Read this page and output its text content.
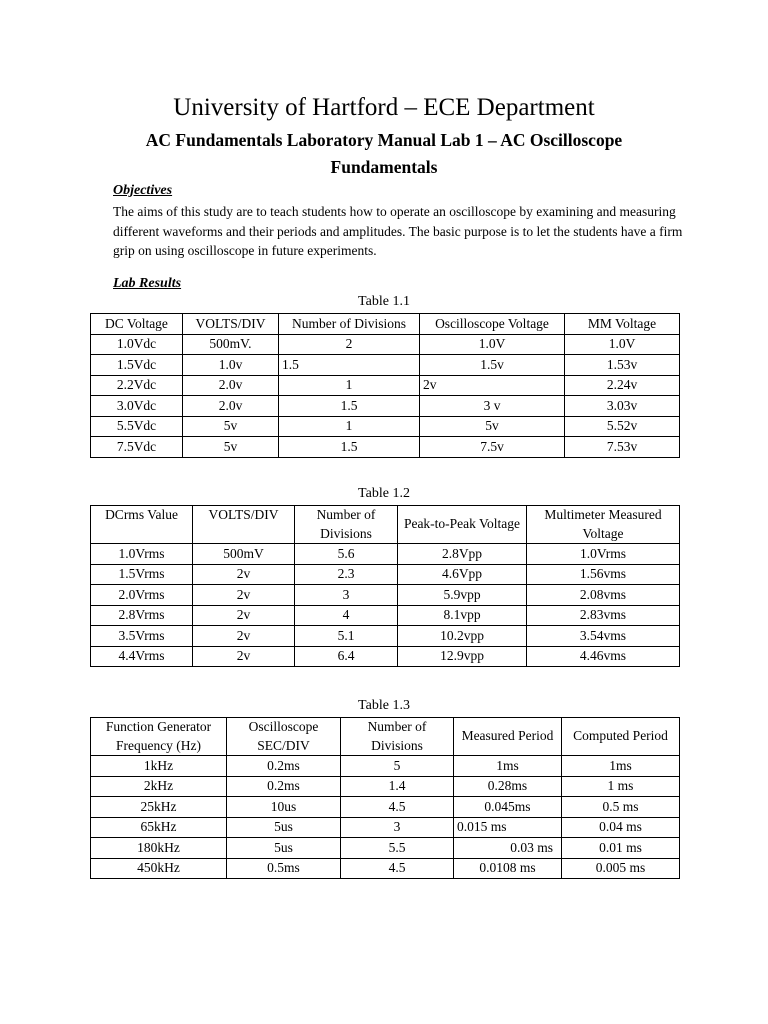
University of Hartford – ECE Department
AC Fundamentals Laboratory Manual Lab 1 – AC Oscilloscope Fundamentals

Objectives

The aims of this study are to teach students how to operate an oscilloscope by examining and measuring different waveforms and their periods and amplitudes. The basic purpose is to let the students have a firm grip on using oscilloscope in future experiments.

Lab Results

Table 1.1

DC Voltage	VOLTS/DIV	Number of Divisions	Oscilloscope Voltage	MM Voltage
1.0Vdc	500mV.	2	1.0V	1.0V
1.5Vdc	1.0v	1.5	1.5v	1.53v
2.2Vdc	2.0v	1	2v	2.24v
3.0Vdc	2.0v	1.5	3 v	3.03v
5.5Vdc	5v	1	5v	5.52v
7.5Vdc	5v	1.5	7.5v	7.53v

Table 1.2

DCrms Value	VOLTS/DIV	Number of Divisions	Peak-to-Peak Voltage	Multimeter Measured Voltage
1.0Vrms	500mV	5.6	2.8Vpp	1.0Vrms
1.5Vrms	2v	2.3	4.6Vpp	1.56vms
2.0Vrms	2v	3	5.9vpp	2.08vms
2.8Vrms	2v	4	8.1vpp	2.83vms
3.5Vrms	2v	5.1	10.2vpp	3.54vms
4.4Vrms	2v	6.4	12.9vpp	4.46vms

Table 1.3

Function Generator Frequency (Hz)	Oscilloscope SEC/DIV	Number of Divisions	Measured Period	Computed Period
1kHz	0.2ms	5	1ms	1ms
2kHz	0.2ms	1.4	0.28ms	1 ms
25kHz	10us	4.5	0.045ms	0.5 ms
65kHz	5us	3	0.015 ms	0.04 ms
180kHz	5us	5.5	0.03 ms	0.01 ms
450kHz	0.5ms	4.5	0.0108 ms	0.005 ms
